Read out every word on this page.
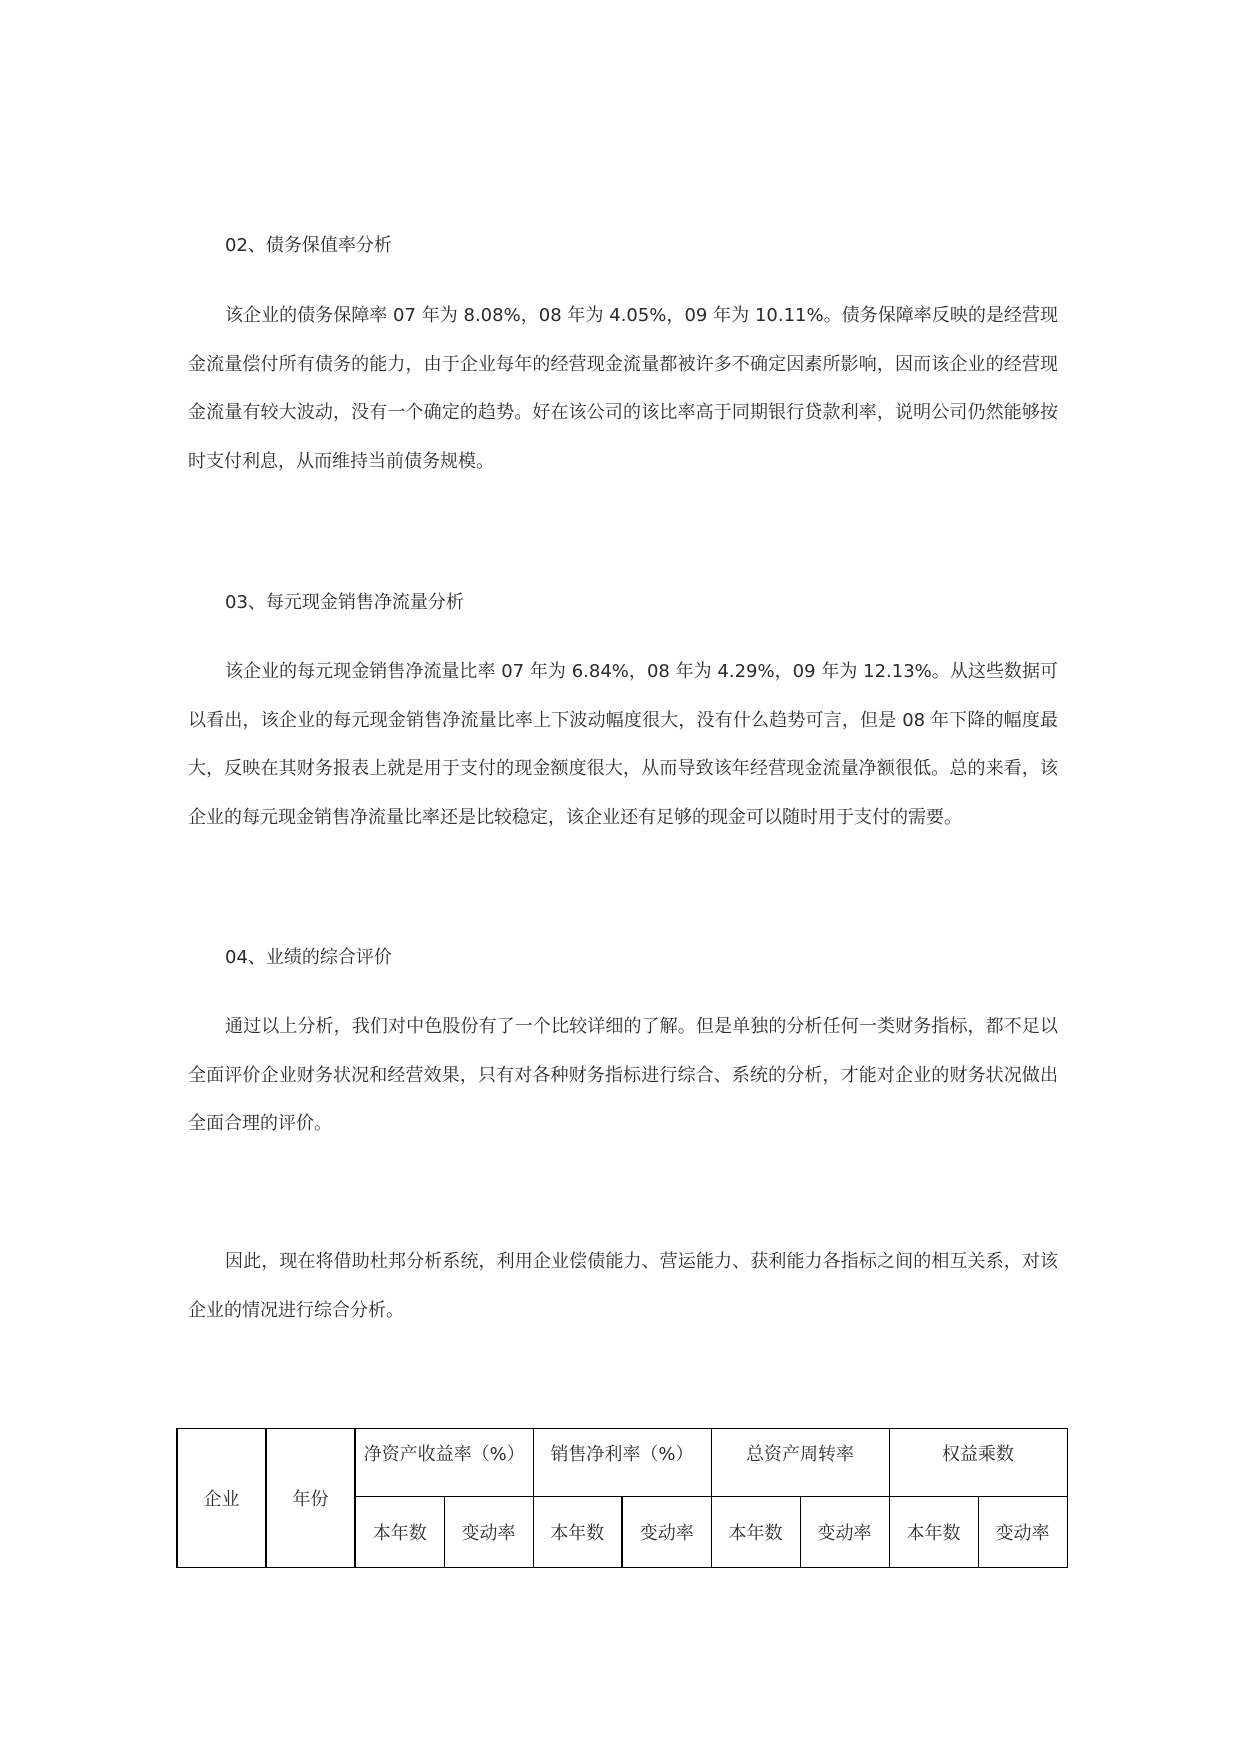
02、债务保值率分析

该企业的债务保障率 07 年为 8.08%，08 年为 4.05%，09 年为 10.11%。债务保障率反映的是经营现金流量偿付所有债务的能力，由于企业每年的经营现金流量都被许多不确定因素所影响，因而该企业的经营现金流量有较大波动，没有一个确定的趋势。好在该公司的该比率高于同期银行贷款利率，说明公司仍然能够按时支付利息，从而维持当前债务规模。

03、每元现金销售净流量分析

该企业的每元现金销售净流量比率 07 年为 6.84%，08 年为 4.29%，09 年为 12.13%。从这些数据可以看出，该企业的每元现金销售净流量比率上下波动幅度很大，没有什么趋势可言，但是 08 年下降的幅度最大，反映在其财务报表上就是用于支付的现金额度很大，从而导致该年经营现金流量净额很低。总的来看，该企业的每元现金销售净流量比率还是比较稳定，该企业还有足够的现金可以随时用于支付的需要。

04、业绩的综合评价

通过以上分析，我们对中色股份有了一个比较详细的了解。但是单独的分析任何一类财务指标，都不足以全面评价企业财务状况和经营效果，只有对各种财务指标进行综合、系统的分析，才能对企业的财务状况做出全面合理的评价。

因此，现在将借助杜邦分析系统，利用企业偿债能力、营运能力、获利能力各指标之间的相互关系，对该企业的情况进行综合分析。

企业	年份	净资产收益率（%）		销售净利率（%）		总资产周转率		权益乘数	
		本年数	变动率	本年数	变动率	本年数	变动率	本年数	变动率
